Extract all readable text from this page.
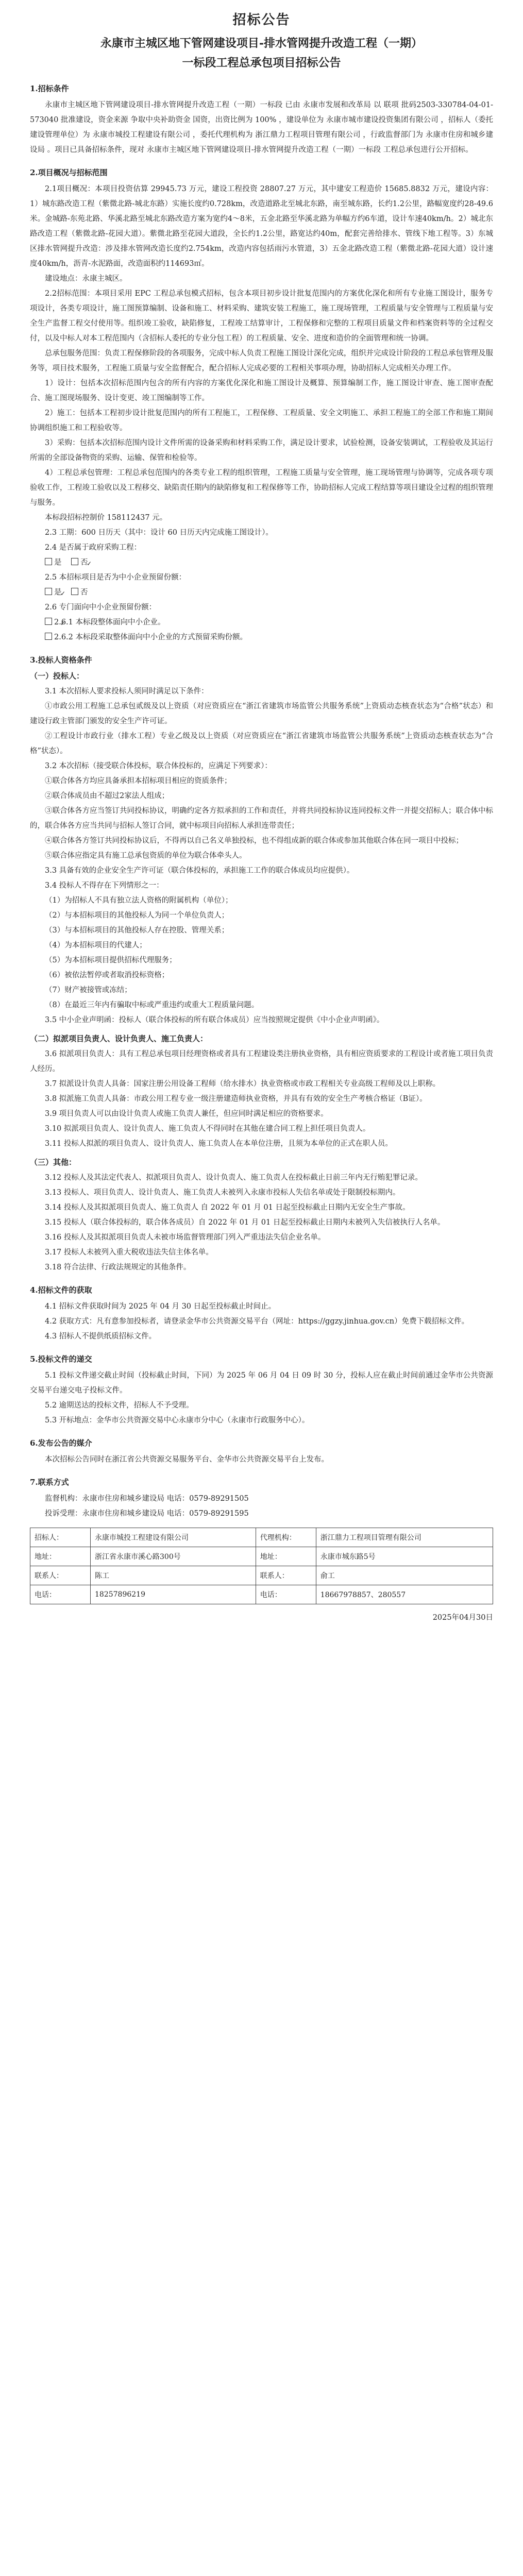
招标公告
永康市主城区地下管网建设项目-排水管网提升改造工程（一期）
一标段工程总承包项目招标公告
1.招标条件

永康市主城区地下管网建设项目-排水管网提升改造工程（一期）一标段 已由 永康市发展和改革局 以 联项 批码2503-330784-04-01-573040 批准建设，资金来源 争取中央补助资金 国资，出资比例为 100% ，建设单位为 永康市城市建设投资集团有限公司 ，招标人（委托建设管理单位）为 永康市城投工程建设有限公司 ，委托代理机构为 浙江鼎力工程项目管理有限公司 ，行政监督部门为 永康市住房和城乡建设局 。项目已具备招标条件，现对 永康市主城区地下管网建设项目-排水管网提升改造工程（一期）一标段 工程总承包进行公开招标。

2.项目概况与招标范围

2.1项目概况：本项目投资估算 29945.73 万元，建设工程投资 28807.27 万元，其中建安工程造价 15685.8832 万元，建设内容：1）城东路改造工程（紫微北路-城北东路）实施长度约0.728km，改造道路北至城北东路，南至城东路，长约1.2公里，路幅宽度约28-49.6米。金城路-东苑北路、华溪北路至城北东路改造方案为宽约4～8米，五金北路至华溪北路为单幅方约6车道，设计车速40km/h。2）城北东路改造工程（紫微北路-花园大道）。紫微北路至花园大道段，全长约1.2公里，路宽达约40m，配套完善给排水、管线下地工程等。3）东城区排水管网提升改造：涉及排水管网改造长度约2.754km，改造内容包括雨污水管道，3）五金北路改造工程（紫微北路-花园大道）设计速度40km/h，沥青-水泥路面，改造面积约114693㎡。

建设地点：永康主城区。

2.2招标范围：本项目采用 EPC 工程总承包模式招标，包含本项目初步设计批复范围内的方案优化深化和所有专业施工图设计，服务专项设计，各类专项设计，施工图预算编制、设备和施工、材料采购、建筑安装工程施工，施工现场管理，工程质量与安全管理与工程质量与安全生产监督工程交付使用等。组织竣工验收，缺陷修复，工程竣工结算审计，工程保修和完整的工程项目质量文件和档案资料等的全过程交付，以及中标人对本工程范围内（含招标人委托的专业分包工程）的工程质量、安全、进度和造价的全面管理和统一协调。

总承包服务范围：负责工程保修阶段的各项服务，完成中标人负责工程施工图设计深化完成，组织并完成设计阶段的工程总承包管理及服务等，项目技术服务，工程施工质量与安全监督配合，配合招标人完成必要的工程相关事项办理，协助招标人完成相关办理工作。

1）设计：包括本次招标范围内包含的所有内容的方案优化深化和施工图设计及概算、预算编制工作，施工图设计审查、施工图审查配合、施工图现场服务、设计变更、竣工图编制等工作。

2）施工：包括本工程初步设计批复范围内的所有工程施工，工程保修、工程质量、安全文明施工、承担工程施工的全部工作和施工期间协调组织施工和工程验收等。

3）采购：包括本次招标范围内设计文件所需的设备采购和材料采购工作，满足设计要求，试验检测，设备安装调试，工程验收及其运行所需的全部设备物资的采购、运输、保管和检验等。

4）工程总承包管理：工程总承包范围内的各类专业工程的组织管理，工程施工质量与安全管理，施工现场管理与协调等，完成各项专项验收工作，工程竣工验收以及工程移交、缺陷责任期内的缺陷修复和工程保修等工作，协助招标人完成工程结算等项目建设全过程的组织管理与服务。

本标段招标控制价 158112437 元。

2.3 工期：600 日历天（其中：设计 60 日历天内完成施工图设计）。

2.4 是否属于政府采购工程：

是 ✓	否

2.5 本招标项目是否为中小企业预留份额：

✓是	否

2.6 专门面向中小企业预留份额：

✓2.6.1 本标段整体面向中小企业。

2.6.2 本标段采取整体面向中小企业的方式预留采购份额。

3.投标人资格条件
（一）投标人：

3.1 本次招标人要求投标人须同时满足以下条件：

①市政公用工程施工总承包贰级及以上资质（对应资质应在“浙江省建筑市场监管公共服务系统”上资质动态核查状态为“合格”状态）和建设行政主管部门颁发的安全生产许可证。

②工程设计市政行业（排水工程）专业乙级及以上资质（对应资质应在“浙江省建筑市场监管公共服务系统”上资质动态核查状态为“合格”状态）。

3.2 本次招标（接受联合体投标，联合体投标的，应满足下列要求）：

①联合体各方均应具备承担本招标项目相应的资质条件；

②联合体成员由不超过2家法人组成；

③联合体各方应当签订共同投标协议，明确约定各方拟承担的工作和责任，并将共同投标协议连同投标文件一并提交招标人；联合体中标的，联合体各方应当共同与招标人签订合同，就中标项目向招标人承担连带责任；

④联合体各方签订共同投标协议后，不得再以自己名义单独投标，也不得组成新的联合体或参加其他联合体在同一项目中投标；

⑤联合体应指定具有施工总承包资质的单位为联合体牵头人。

3.3 具备有效的企业安全生产许可证（联合体投标的，承担施工工作的联合体成员均应提供）。

3.4 投标人不得存在下列情形之一：

（1）为招标人不具有独立法人资格的附属机构（单位）；

（2）与本招标项目的其他投标人为同一个单位负责人；

（3）与本招标项目的其他投标人存在控股、管理关系；

（4）为本招标项目的代建人；

（5）为本招标项目提供招标代理服务；

（6）被依法暂停或者取消投标资格；

（7）财产被接管或冻结；

（8）在最近三年内有骗取中标或严重违约或重大工程质量问题。

3.5 中小企业声明函：投标人（联合体投标的所有联合体成员）应当按照规定提供《中小企业声明函》。

（二）拟派项目负责人、设计负责人、施工负责人：

3.6 拟派项目负责人：具有工程总承包项目经理资格或者具有工程建设类注册执业资格，具有相应资质要求的工程设计或者施工项目负责人经历。

3.7 拟派设计负责人具备：国家注册公用设备工程师（给水排水）执业资格或市政工程相关专业高级工程师及以上职称。

3.8 拟派施工负责人具备：市政公用工程专业一级注册建造师执业资格，并具有有效的安全生产考核合格证（B证）。

3.9 项目负责人可以由设计负责人或施工负责人兼任，但应同时满足相应的资格要求。

3.10 拟派项目负责人、设计负责人、施工负责人不得同时在其他在建合同工程上担任项目负责人。

3.11 投标人拟派的项目负责人、设计负责人、施工负责人在本单位注册，且须为本单位的正式在职人员。

（三）其他：

3.12 投标人及其法定代表人、拟派项目负责人、设计负责人、施工负责人在投标截止日前三年内无行贿犯罪记录。

3.13 投标人、项目负责人、设计负责人、施工负责人未被列入永康市投标人失信名单或处于限制投标期内。

3.14 投标人及其拟派项目负责人、施工负责人 自 2022 年 01 月 01 日起至投标截止日期内无安全生产事故。

3.15 投标人（联合体投标的，联合体各成员）自 2022 年 01 月 01 日起至投标截止日期内未被列入失信被执行人名单。

3.16 投标人及其拟派项目负责人未被市场监督管理部门列入严重违法失信企业名单。

3.17 投标人未被列入重大税收违法失信主体名单。

3.18 符合法律、行政法规规定的其他条件。

4.招标文件的获取

4.1 招标文件获取时间为 2025 年 04 月 30 日起至投标截止时间止。

4.2 获取方式：凡有意参加投标者，请登录金华市公共资源交易平台（网址：https://ggzy.jinhua.gov.cn）免费下载招标文件。

4.3 招标人不提供纸质招标文件。

5.投标文件的递交

5.1 投标文件递交截止时间（投标截止时间，下同）为 2025 年 06 月 04 日 09 时 30 分，投标人应在截止时间前通过金华市公共资源交易平台递交电子投标文件。

5.2 逾期送达的投标文件，招标人不予受理。

5.3 开标地点：金华市公共资源交易中心永康市分中心（永康市行政服务中心）。

6.发布公告的媒介

本次招标公告同时在浙江省公共资源交易服务平台、金华市公共资源交易平台上发布。

7.联系方式

监督机构：永康市住房和城乡建设局 电话：0579-89291505

投诉受理：永康市住房和城乡建设局 电话：0579-89291595

招标人：	永康市城投工程建设有限公司	代理机构：	浙江鼎力工程项目管理有限公司
地址：	浙江省永康市溪心路300号	地址：	永康市城东路5号
联系人：	陈工	联系人：	俞工
电话：	18257896219	电话：	18667978857、280557
2025年04月30日
